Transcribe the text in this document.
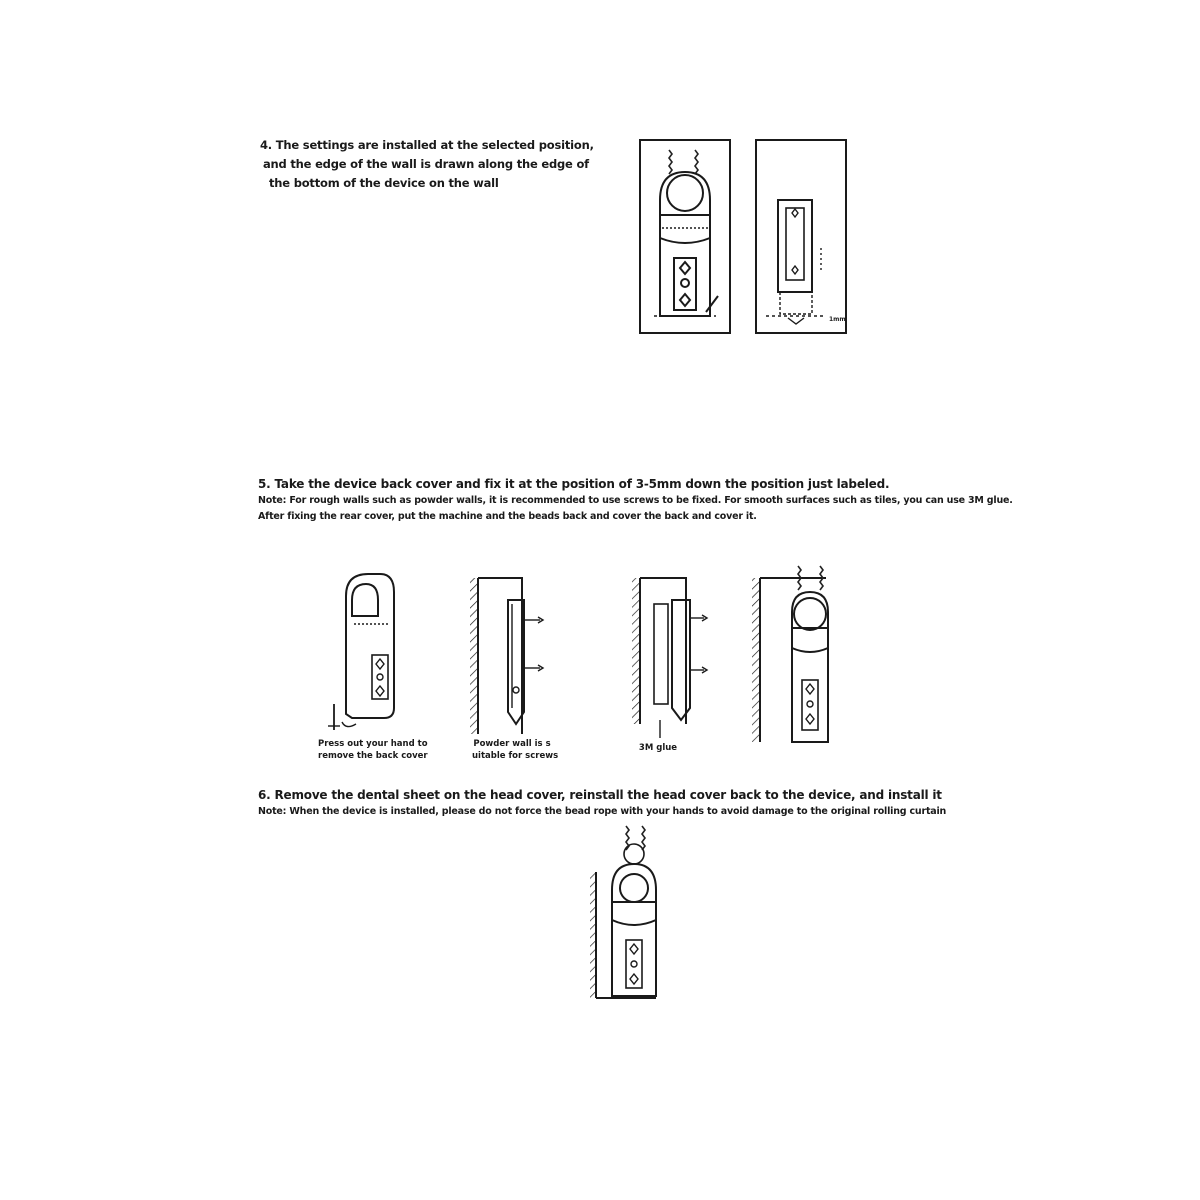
4. The settings are installed at the selected position,
and the edge of the wall is drawn along the edge of
the bottom of the device on the wall
5. Take the device back cover and fix it at the position of 3-5mm down the position just labeled.
Note: For rough walls such as powder walls, it is recommended to use screws to be fixed. For smooth surfaces such as tiles, you can use 3M glue.
After fixing the rear cover, put the machine and the beads back and cover the back and cover it.
6. Remove the dental sheet on the head cover, reinstall the head cover back to the device, and install it
Note: When the device is installed, please do not force the bead rope with your hands to avoid damage to the original rolling curtain
Press out your hand to
remove the back cover
Powder wall is s
uitable for screws
3M glue
1mm
